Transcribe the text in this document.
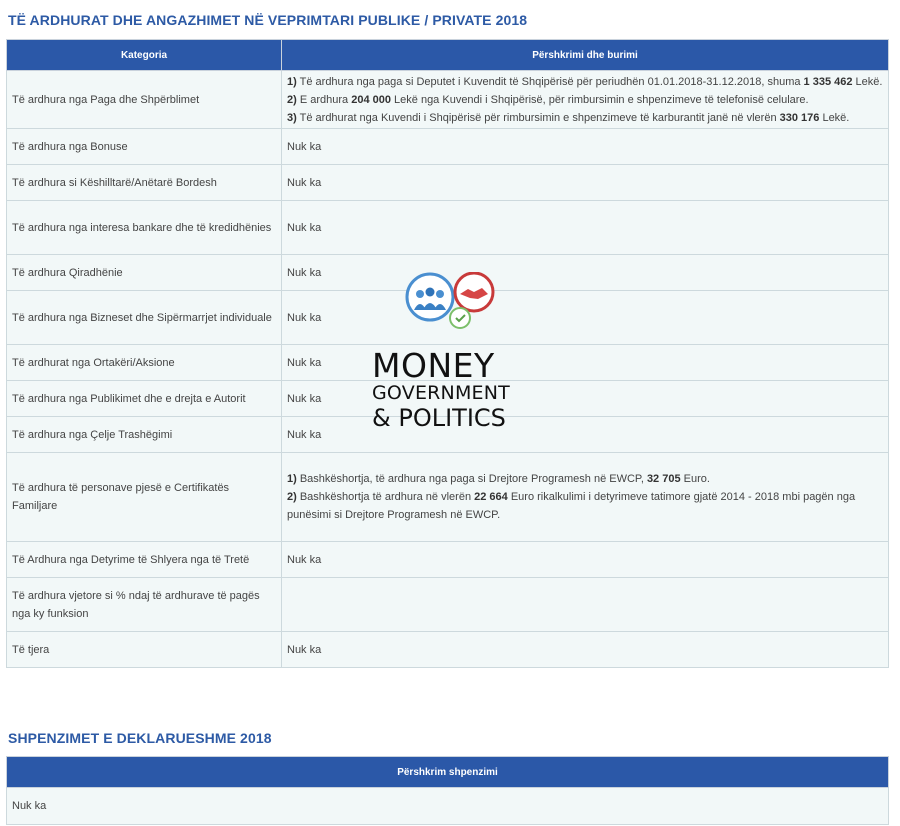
TË ARDHURAT DHE ANGAZHIMET NË VEPRIMTARI PUBLIKE / PRIVATE 2018
Kategoria	Përshkrimi dhe burimi
Të ardhura nga Paga dhe Shpërblimet	1) Të ardhura nga paga si Deputet i Kuvendit të Shqipërisë për periudhën 01.01.2018-31.12.2018, shuma 1 335 462 Lekë.
2) E ardhura 204 000 Lekë nga Kuvendi i Shqipërisë, për rimbursimin e shpenzimeve të telefonisë celulare.
3) Të ardhurat nga Kuvendi i Shqipërisë për rimbursimin e shpenzimeve të karburantit janë në vlerën 330 176 Lekë.

Të ardhura nga Bonuse	Nuk ka
Të ardhura si Këshilltarë/Anëtarë Bordesh	Nuk ka
Të ardhura nga interesa bankare dhe të kredidhënies	Nuk ka
Të ardhura Qiradhënie	Nuk ka
Të ardhura nga Bizneset dhe Sipërmarrjet individuale	Nuk ka
Të ardhurat nga Ortakëri/Aksione	Nuk ka
Të ardhura nga Publikimet dhe e drejta e Autorit	Nuk ka
Të ardhura nga Çelje Trashëgimi	Nuk ka
Të ardhura të personave pjesë e Certifikatës Familjare	1) Bashkëshortja, të ardhura nga paga si Drejtore Programesh në EWCP, 32 705 Euro.
2) Bashkëshortja të ardhura në vlerën 22 664 Euro rikalkulimi i detyrimeve tatimore gjatë 2014 - 2018 mbi pagën nga punësimi si Drejtore Programesh në EWCP.

Të Ardhura nga Detyrime të Shlyera nga të Tretë	Nuk ka
Të ardhura vjetore si % ndaj të ardhurave të pagës nga ky funksion	
Të tjera	Nuk ka
SHPENZIMET E DEKLARUESHME 2018
Përshkrim shpenzimi
Nuk ka
MONEY
GOVERNMENT
& POLITICS
